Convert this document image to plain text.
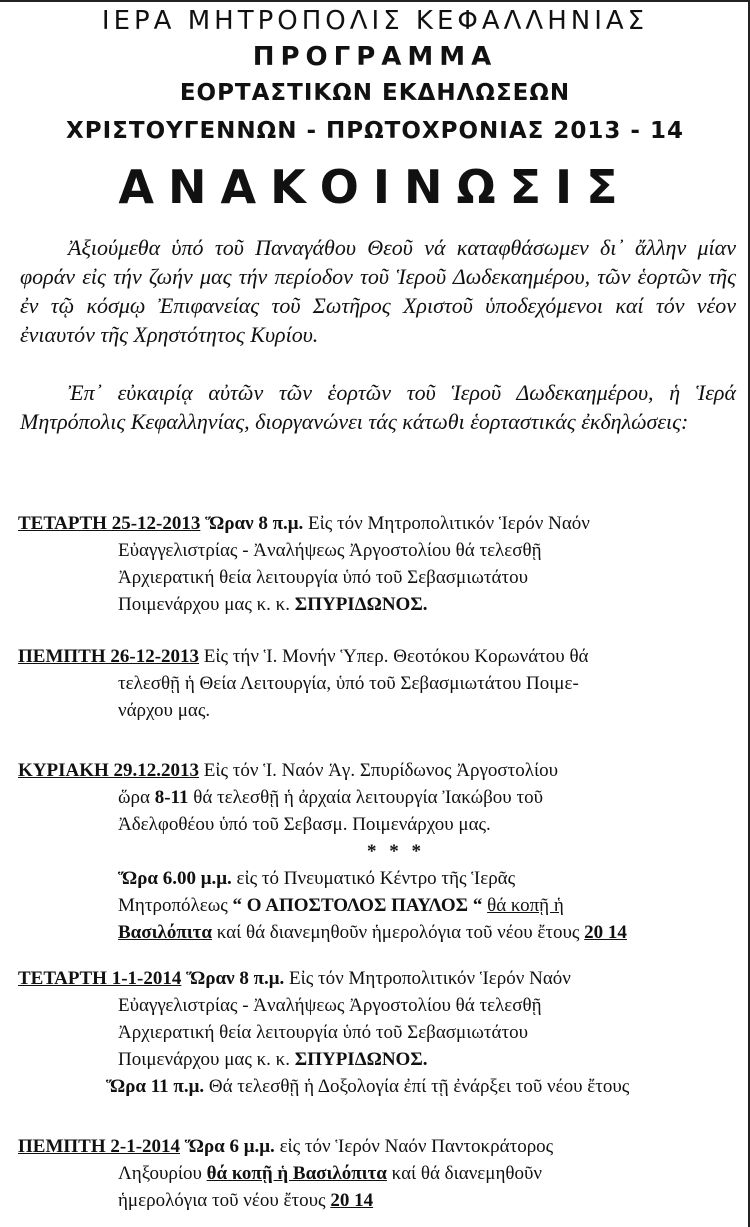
ΙΕΡΑ ΜΗΤΡΟΠΟΛΙΣ ΚΕΦΑΛΛΗΝΙΑΣ
ΠΡΟΓΡΑΜΜΑ
ΕΟΡΤΑΣΤΙΚΩΝ ΕΚΔΗΛΩΣΕΩΝ
ΧΡΙΣΤΟΥΓΕΝΝΩΝ - ΠΡΩΤΟΧΡΟΝΙΑΣ 2013 - 14
ΑΝΑΚΟΙΝΩΣΙΣ

Ἀξιούμεθα ὑπό τοῦ Παναγάθου Θεοῦ νά καταφθάσωμεν δι᾽ ἄλλην μίαν φοράν εἰς τήν ζωήν μας τήν περίοδον τοῦ Ἱεροῦ Δωδεκαημέρου, τῶν ἑορτῶν τῆς ἐν τῷ κόσμῳ Ἐπιφανείας τοῦ Σωτῆρος Χριστοῦ ὑποδεχόμενοι καί τόν νέον ἐνιαυτόν τῆς Χρηστότητος Κυρίου.

Ἐπ᾽ εὐκαιρίᾳ αὐτῶν τῶν ἑορτῶν τοῦ Ἱεροῦ Δωδεκαημέρου, ἡ Ἱερά Μητρόπολις Κεφαλληνίας, διοργανώνει τάς κάτωθι ἑορταστικάς ἐκδηλώσεις:

ΤΕΤΑΡΤΗ 25-12-2013 Ὥραν 8 π.μ. Εἰς τόν Μητροπολιτικόν Ἱερόν Ναόν
Εὐαγγελιστρίας - Ἀναλήψεως Ἀργοστολίου θά τελεσθῇ
Ἀρχιερατική θεία λειτουργία ὑπό τοῦ Σεβασμιωτάτου
Ποιμενάρχου μας κ. κ. ΣΠΥΡΙΔΩΝΟΣ.
ΠΕΜΠΤΗ 26-12-2013 Εἰς τήν Ἱ. Μονήν Ὑπερ. Θεοτόκου Κορωνάτου θά
τελεσθῇ ἡ Θεία Λειτουργία, ὑπό τοῦ Σεβασμιωτάτου Ποιμε-
νάρχου μας.
ΚΥΡΙΑΚΗ 29.12.2013 Εἰς τόν Ἱ. Ναόν Ἁγ. Σπυρίδωνος Ἀργοστολίου
ὥρα 8-11 θά τελεσθῇ ἡ ἀρχαία λειτουργία Ἰακώβου τοῦ
Ἀδελφοθέου ὑπό τοῦ Σεβασμ. Ποιμενάρχου μας.
* * *
Ὥρα 6.00 μ.μ. εἰς τό Πνευματικό Κέντρο τῆς Ἱερᾶς
Μητροπόλεως “ Ο ΑΠΟΣΤΟΛΟΣ ΠΑΥΛΟΣ “ θά κοπῇ ἡ
Βασιλόπιτα καί θά διανεμηθοῦν ἡμερολόγια τοῦ νέου ἔτους 20 14
ΤΕΤΑΡΤΗ 1-1-2014 Ὥραν 8 π.μ. Εἰς τόν Μητροπολιτικόν Ἱερόν Ναόν
Εὐαγγελιστρίας - Ἀναλήψεως Ἀργοστολίου θά τελεσθῇ
Ἀρχιερατική θεία λειτουργία ὑπό τοῦ Σεβασμιωτάτου
Ποιμενάρχου μας κ. κ. ΣΠΥΡΙΔΩΝΟΣ.
Ὥρα 11 π.μ. Θά τελεσθῇ ἡ Δοξολογία ἐπί τῇ ἐνάρξει τοῦ νέου ἔτους
ΠΕΜΠΤΗ 2-1-2014 Ὥρα 6 μ.μ. εἰς τόν Ἱερόν Ναόν Παντοκράτορος
Ληξουρίου θά κοπῇ ἡ Βασιλόπιτα καί θά διανεμηθοῦν
ἡμερολόγια τοῦ νέου ἔτους 20 14
